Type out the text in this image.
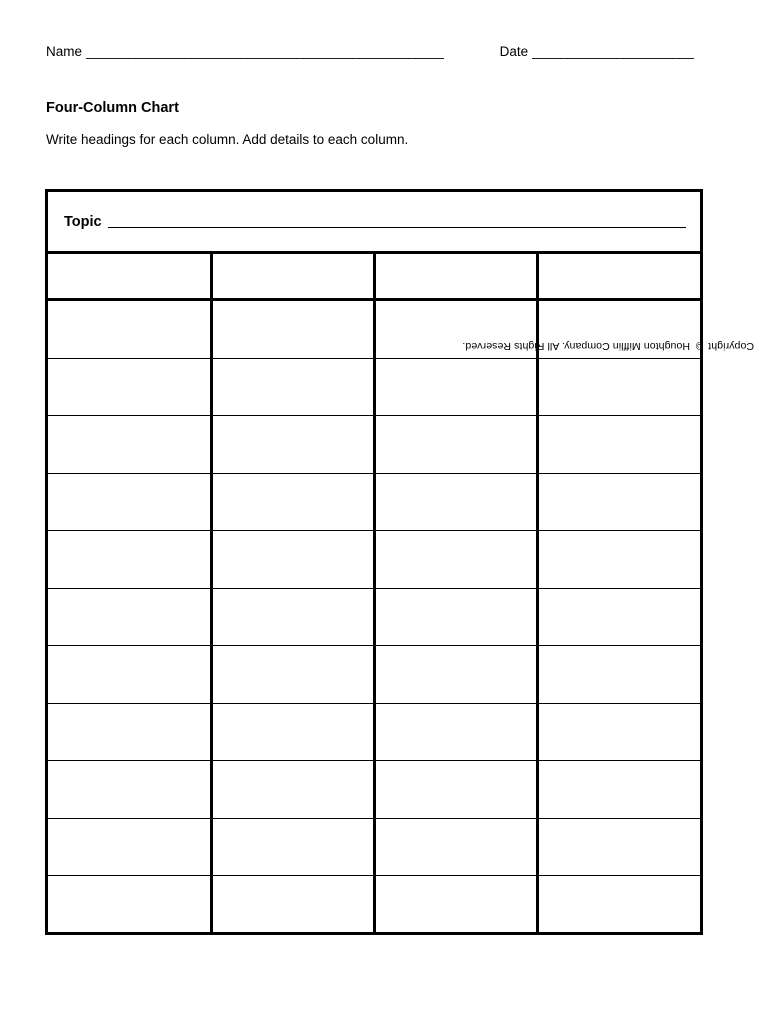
Name ___________________________________________________	Date _______________________
Four-Column Chart
Write headings for each column. Add details to each column.
Topic

Copyright © Houghton Mifflin Company. All Rights Reserved.
